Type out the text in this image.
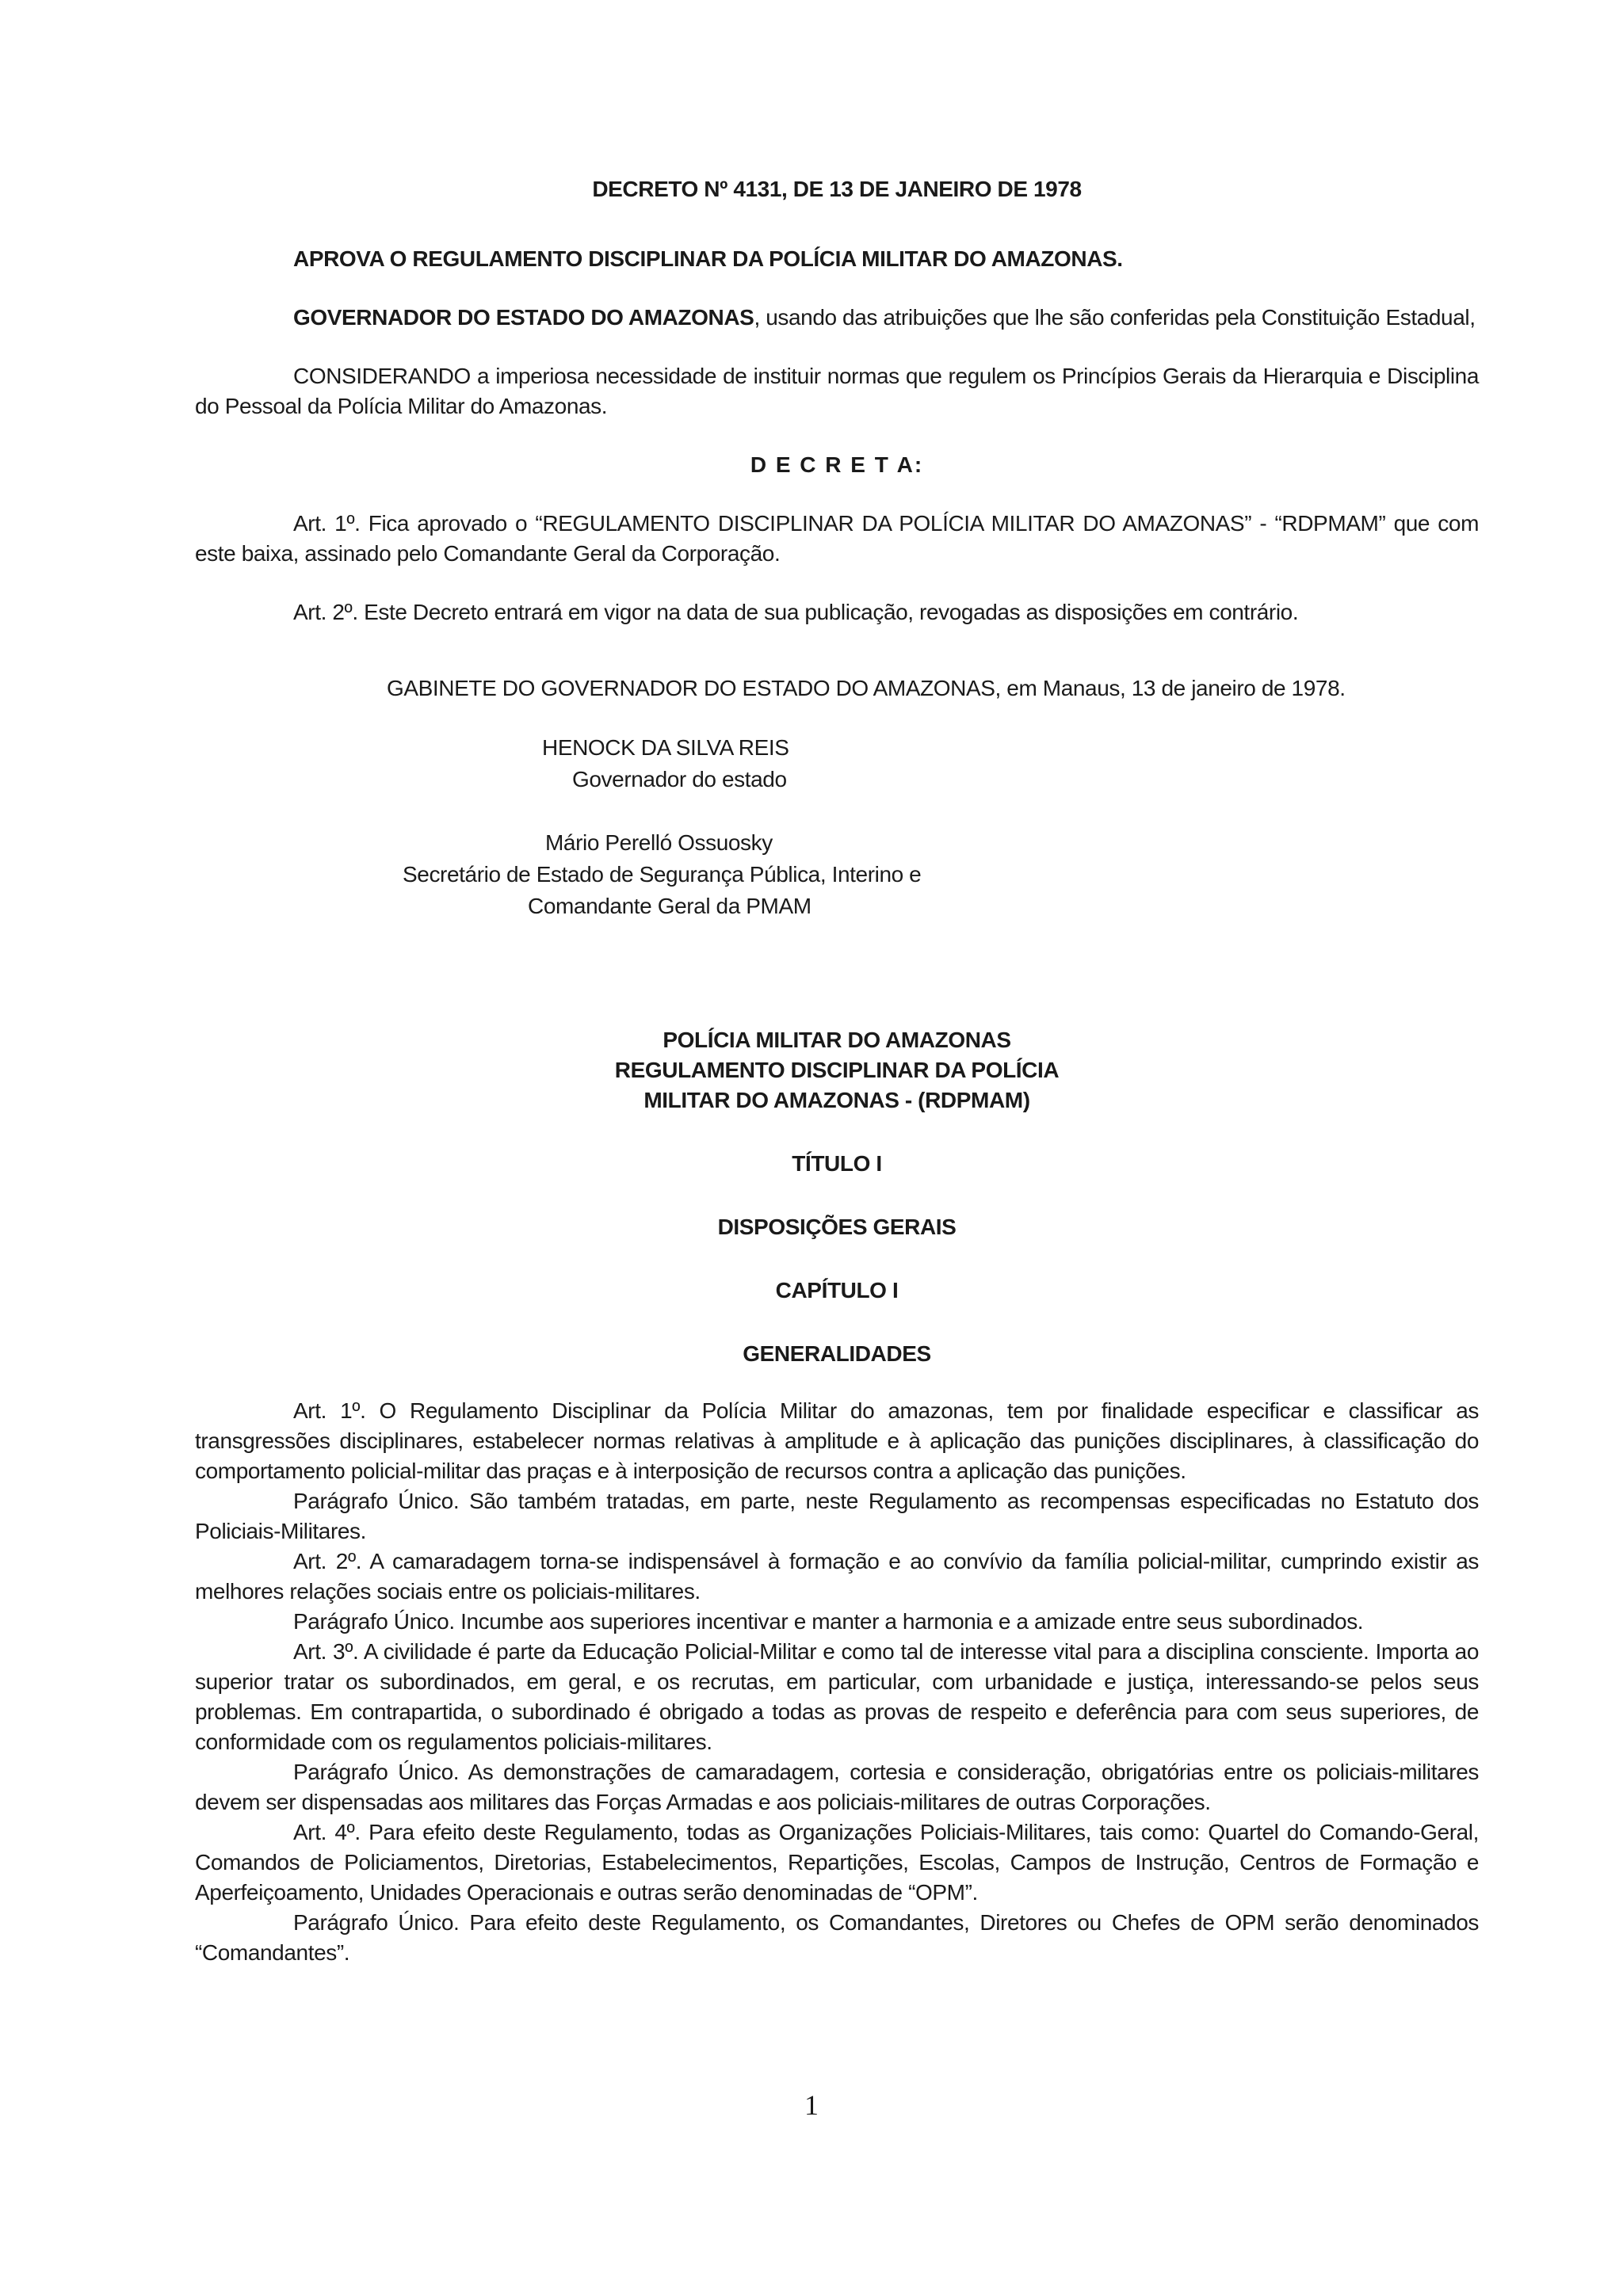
DECRETO Nº 4131, DE 13 DE JANEIRO DE 1978

APROVA O REGULAMENTO DISCIPLINAR DA POLÍCIA MILITAR DO AMAZONAS.

GOVERNADOR DO ESTADO DO AMAZONAS, usando das atribuições que lhe são conferidas pela Constituição Estadual,

CONSIDERANDO a imperiosa necessidade de instituir normas que regulem os Princípios Gerais da Hierarquia e Disciplina do Pessoal da Polícia Militar do Amazonas.

D E C R E T A:

Art. 1º. Fica aprovado o “REGULAMENTO DISCIPLINAR DA POLÍCIA MILITAR DO AMAZONAS” - “RDPMAM” que com este baixa, assinado pelo Comandante Geral da Corporação.

Art. 2º. Este Decreto entrará em vigor na data de sua publicação, revogadas as disposições em contrário.

GABINETE DO GOVERNADOR DO ESTADO DO AMAZONAS, em Manaus, 13 de janeiro de 1978.

HENOCK DA SILVA REIS

Governador do estado

Mário Perelló Ossuosky

Secretário de Estado de Segurança Pública, Interino e

Comandante Geral da PMAM

POLÍCIA MILITAR DO AMAZONAS

REGULAMENTO DISCIPLINAR DA POLÍCIA

MILITAR DO AMAZONAS - (RDPMAM)

TÍTULO I

DISPOSIÇÕES GERAIS

CAPÍTULO I

GENERALIDADES

Art. 1º. O Regulamento Disciplinar da Polícia Militar do amazonas, tem por finalidade especificar e classificar as transgressões disciplinares, estabelecer normas relativas à amplitude e à aplicação das punições disciplinares, à classificação do comportamento policial-militar das praças e à interposição de recursos contra a aplicação das punições.

Parágrafo Único. São também tratadas, em parte, neste Regulamento as recompensas especificadas no Estatuto dos Policiais-Militares.

Art. 2º. A camaradagem torna-se indispensável à formação e ao convívio da família policial-militar, cumprindo existir as melhores relações sociais entre os policiais-militares.

Parágrafo Único. Incumbe aos superiores incentivar e manter a harmonia e a amizade entre seus subordinados.

Art. 3º. A civilidade é parte da Educação Policial-Militar e como tal de interesse vital para a disciplina consciente. Importa ao superior tratar os subordinados, em geral, e os recrutas, em particular, com urbanidade e justiça, interessando-se pelos seus problemas. Em contrapartida, o subordinado é obrigado a todas as provas de respeito e deferência para com seus superiores, de conformidade com os regulamentos policiais-militares.

Parágrafo Único. As demonstrações de camaradagem, cortesia e consideração, obrigatórias entre os policiais-militares devem ser dispensadas aos militares das Forças Armadas e aos policiais-militares de outras Corporações.

Art. 4º. Para efeito deste Regulamento, todas as Organizações Policiais-Militares, tais como: Quartel do Comando-Geral, Comandos de Policiamentos, Diretorias, Estabelecimentos, Repartições, Escolas, Campos de Instrução, Centros de Formação e Aperfeiçoamento, Unidades Operacionais e outras serão denominadas de “OPM”.

Parágrafo Único. Para efeito deste Regulamento, os Comandantes, Diretores ou Chefes de OPM serão denominados “Comandantes”.

1
